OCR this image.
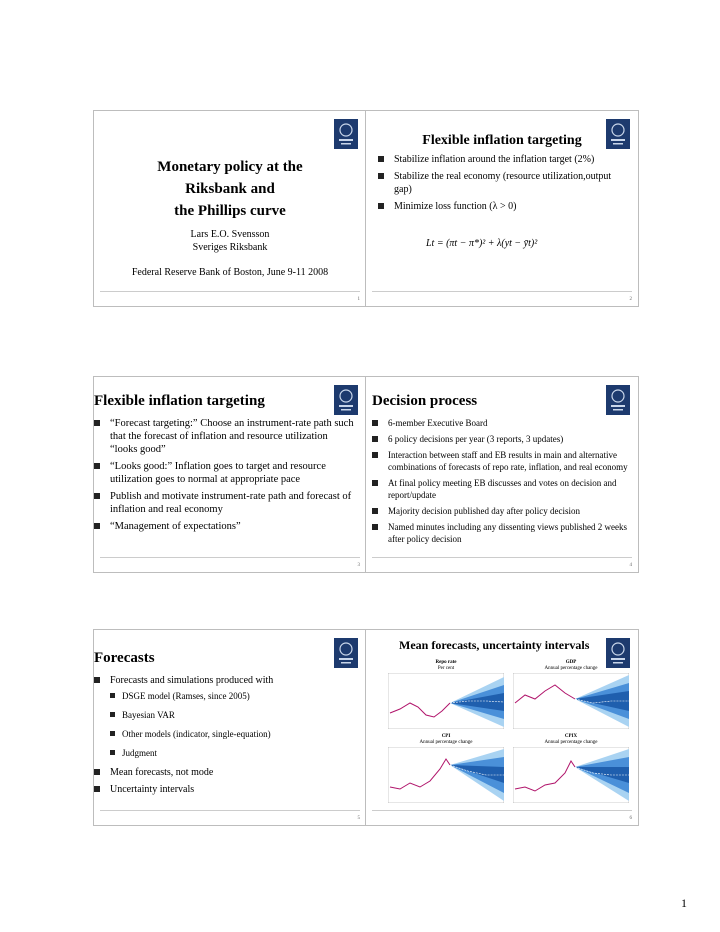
Monetary policy at the
Riksbank and
the Phillips curve
Lars E.O. Svensson
Sveriges Riksbank
Federal Reserve Bank of Boston, June 9-11 2008
1
Flexible inflation targeting
Stabilize inflation around the inflation target (2%)
Stabilize the real economy (resource utilization,output gap)
Minimize loss function (λ > 0)
Lt = (πt − π*)² + λ(yt − ȳt)²
2
Flexible inflation targeting
“Forecast targeting:” Choose an instrument-rate path such that the forecast of inflation and resource utilization “looks good”
“Looks good:” Inflation goes to target and resource utilization goes to normal at appropriate pace
Publish and motivate instrument-rate path and forecast of inflation and real economy
“Management of expectations”
3
Decision process
6-member Executive Board
6 policy decisions per year (3 reports, 3 updates)
Interaction between staff and EB results in main and alternative combinations of forecasts of repo rate, inflation, and real economy
At final policy meeting EB discusses and votes on decision and report/update
Majority decision published day after policy decision
Named minutes including any dissenting views published 2 weeks after policy decision
4
Forecasts
Forecasts and simulations produced with
DSGE model (Ramses, since 2005)
Bayesian VAR
Other models (indicator, single-equation)
Judgment
Mean forecasts, not mode
Uncertainty intervals
5
Mean forecasts, uncertainty intervals
Repo rate
Per cent
GDP
Annual percentage change
CPI
Annual percentage change
CPIX
Annual percentage change
6
1
